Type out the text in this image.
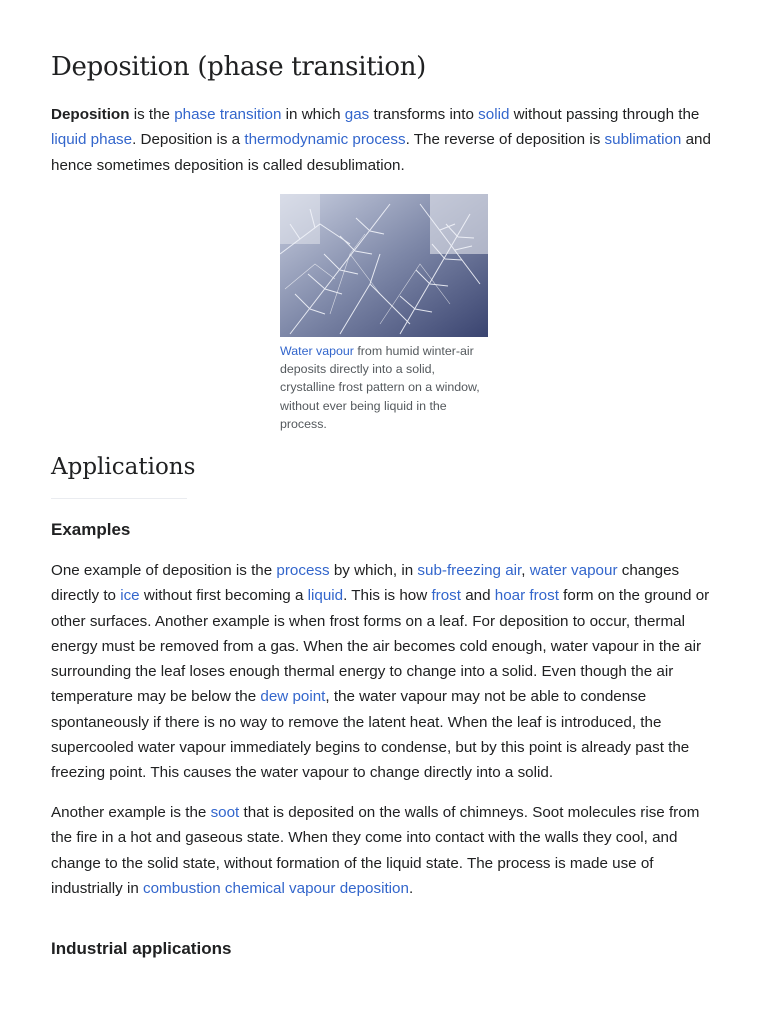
Deposition (phase transition)

Deposition is the phase transition in which gas transforms into solid without passing through the liquid phase. Deposition is a thermodynamic process. The reverse of deposition is sublimation and hence sometimes deposition is called desublimation.

Water vapour from humid winter-air deposits directly into a solid, crystalline frost pattern on a window, without ever being liquid in the process.
Applications
Examples

One example of deposition is the process by which, in sub-freezing air, water vapour changes directly to ice without first becoming a liquid. This is how frost and hoar frost form on the ground or other surfaces. Another example is when frost forms on a leaf. For deposition to occur, thermal energy must be removed from a gas. When the air becomes cold enough, water vapour in the air surrounding the leaf loses enough thermal energy to change into a solid. Even though the air temperature may be below the dew point, the water vapour may not be able to condense spontaneously if there is no way to remove the latent heat. When the leaf is introduced, the supercooled water vapour immediately begins to condense, but by this point is already past the freezing point. This causes the water vapour to change directly into a solid.

Another example is the soot that is deposited on the walls of chimneys. Soot molecules rise from the fire in a hot and gaseous state. When they come into contact with the walls they cool, and change to the solid state, without formation of the liquid state. The process is made use of industrially in combustion chemical vapour deposition.

Industrial applications
